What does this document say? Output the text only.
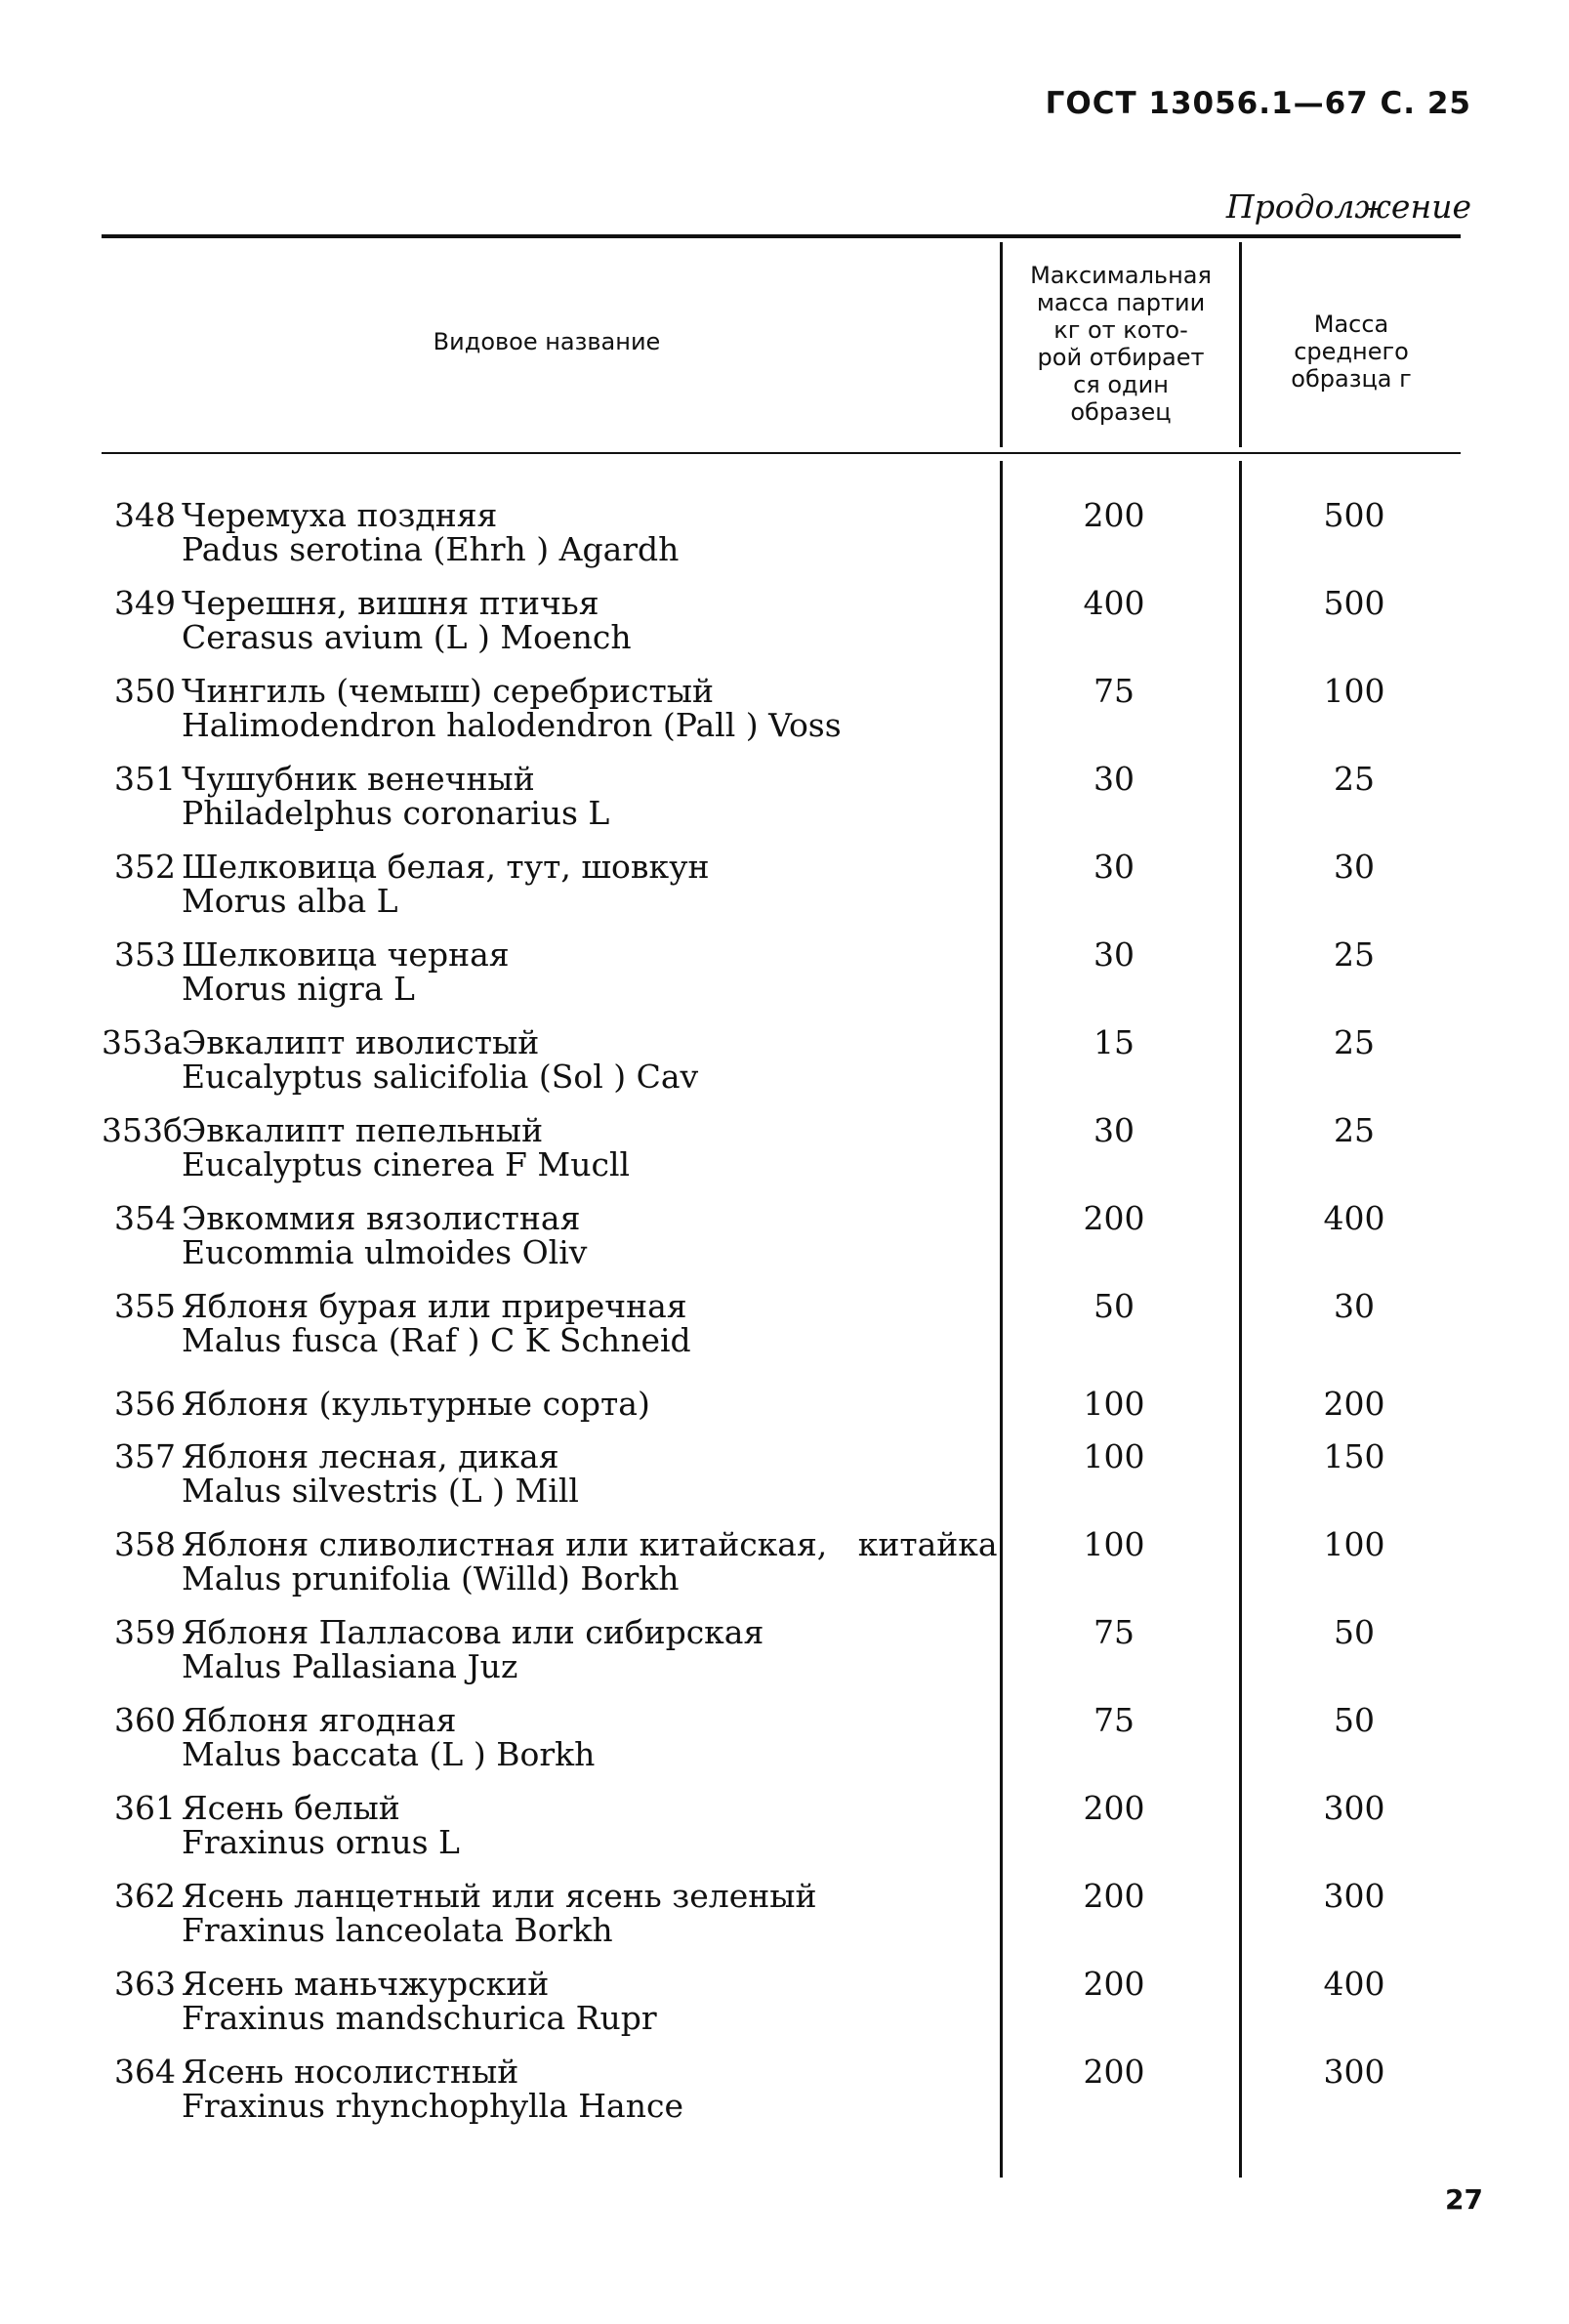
ГОСТ 13056.1—67 С. 25
Продолжение
Видовое название
Максимальная
масса партии
кг от кото-
рой отбирает
ся один
образец
Масса
среднего
образца г
348 Черемуха поздняя
Padus serotina (Ehrh ) Agardh
200	500
349 Черешня, вишня птичья
Cerasus avium (L ) Moench
400	500
350 Чингиль (чемыш) серебристый
Halimodendron halodendron (Pall ) Voss
75	100
351 Чушубник венечный
Philadelphus coronarius L
30	25
352 Шелковица белая, тут, шовкун
Morus alba L
30	30
353 Шелковица черная
Morus nigra L
30	25
353а Эвкалипт иволистый
Eucalyptus salicifolia (Sol ) Cav
15	25
353б Эвкалипт пепельный
Eucalyptus cinerea F Mucll
30	25
354 Эвкоммия вязолистная
Eucommia ulmoides Oliv
200	400
355 Яблоня бурая или приречная
Malus fusca (Raf ) C K Schneid
50	30
356 Яблоня (культурные сорта)	100	200
357 Яблоня лесная, дикая
Malus silvestris (L ) Mill
100	150
358 Яблоня сливолистная или китайская,   китайка
Malus prunifolia (Willd) Borkh
100	100
359 Яблоня Палласова или сибирская
Malus Pallasiana Juz
75	50
360 Яблоня ягодная
Malus baccata (L ) Borkh
75	50
361 Ясень белый
Fraxinus ornus L
200	300
362 Ясень ланцетный или ясень зеленый
Fraxinus lanceolata Borkh
200	300
363 Ясень маньчжурский
Fraxinus mandschurica Rupr
200	400
364 Ясень носолистный
Fraxinus rhynchophylla Hance
200	300
27
